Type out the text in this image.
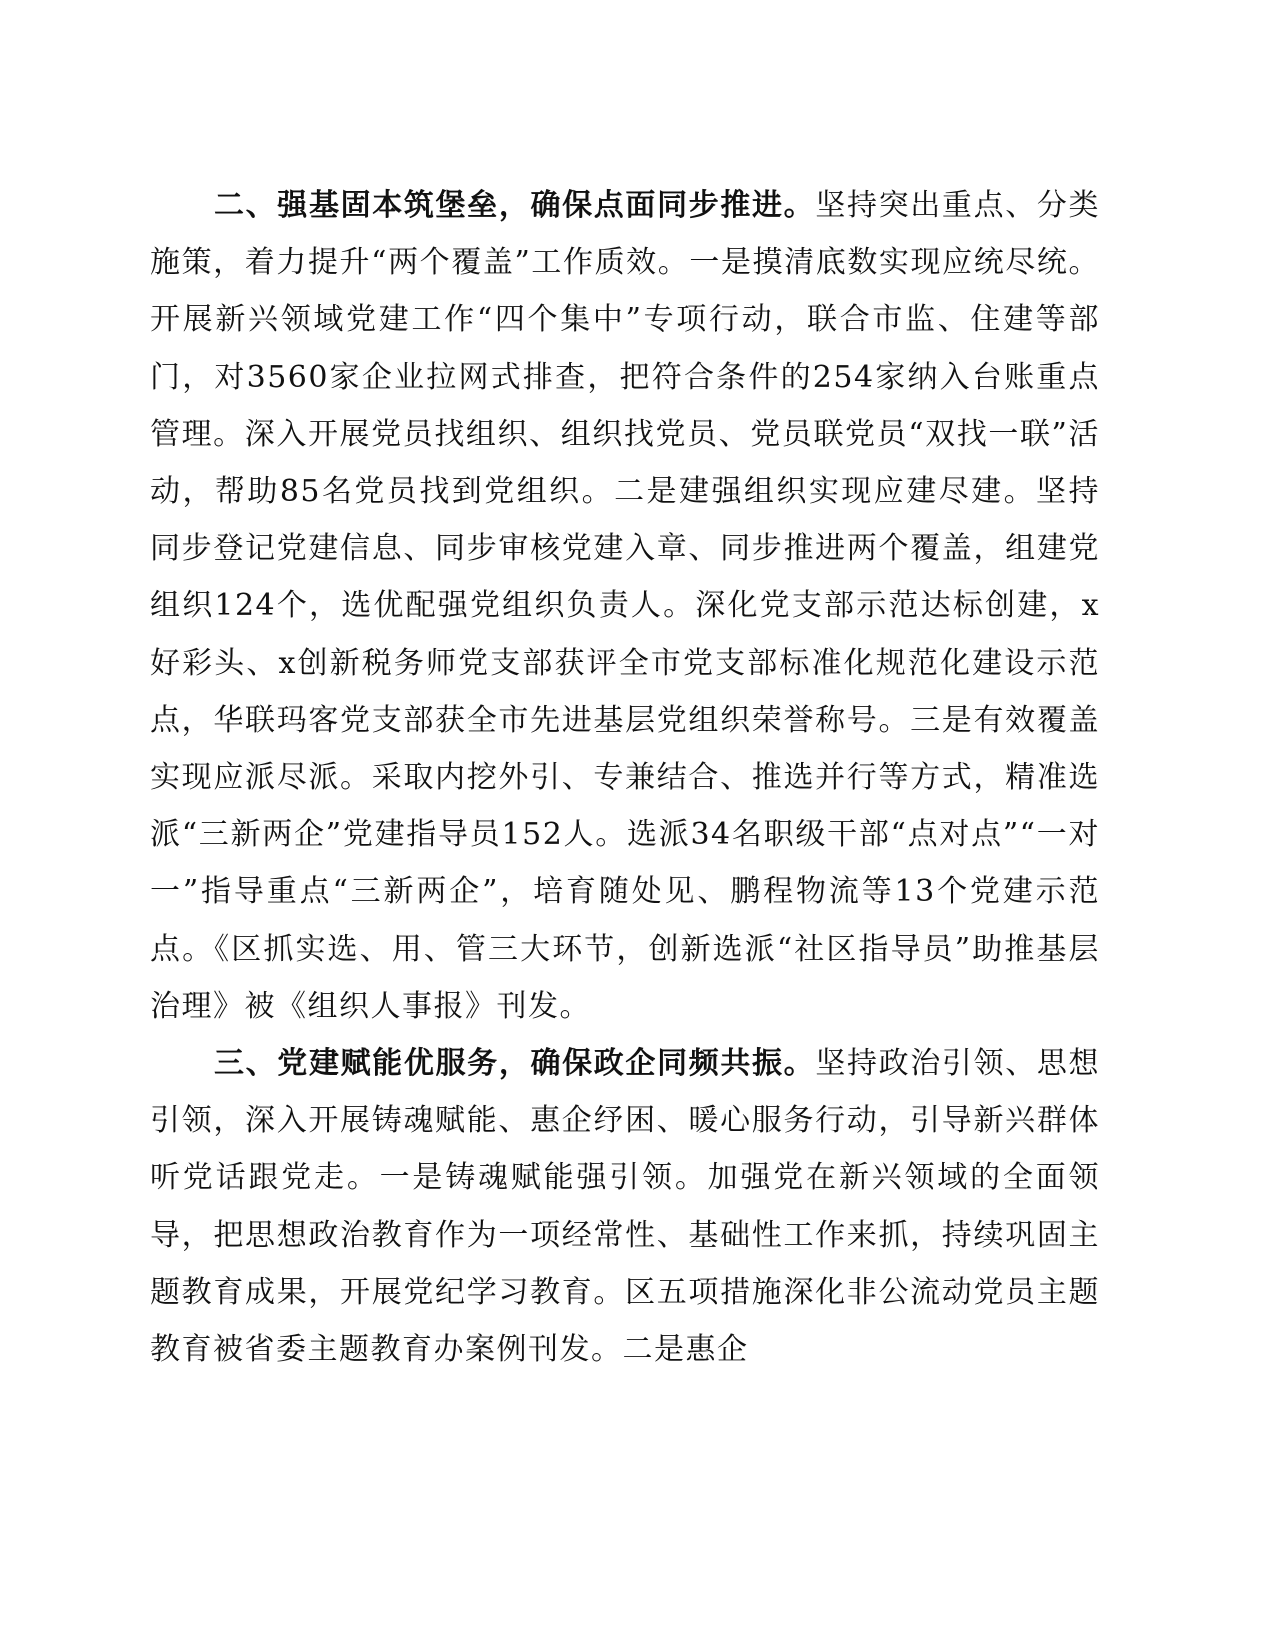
二、强基固本筑堡垒，确保点面同步推进。坚持突出重点、分类施策，着力提升“两个覆盖”工作质效。一是摸清底数实现应统尽统。开展新兴领域党建工作“四个集中”专项行动，联合市监、住建等部门，对3560家企业拉网式排查，把符合条件的254家纳入台账重点管理。深入开展党员找组织、组织找党员、党员联党员“双找一联”活动，帮助85名党员找到党组织。二是建强组织实现应建尽建。坚持同步登记党建信息、同步审核党建入章、同步推进两个覆盖，组建党组织124个，选优配强党组织负责人。深化党支部示范达标创建，x好彩头、x创新税务师党支部获评全市党支部标准化规范化建设示范点，华联玛客党支部获全市先进基层党组织荣誉称号。三是有效覆盖实现应派尽派。采取内挖外引、专兼结合、推选并行等方式，精准选派“三新两企”党建指导员152人。选派34名职级干部“点对点”“一对一”指导重点“三新两企”，培育随处见、鹏程物流等13个党建示范点。《区抓实选、用、管三大环节，创新选派“社区指导员”助推基层治理》被《组织人事报》刊发。

三、党建赋能优服务，确保政企同频共振。坚持政治引领、思想引领，深入开展铸魂赋能、惠企纾困、暖心服务行动，引导新兴群体听党话跟党走。一是铸魂赋能强引领。加强党在新兴领域的全面领导，把思想政治教育作为一项经常性、基础性工作来抓，持续巩固主题教育成果，开展党纪学习教育。区五项措施深化非公流动党员主题教育被省委主题教育办案例刊发。二是惠企
